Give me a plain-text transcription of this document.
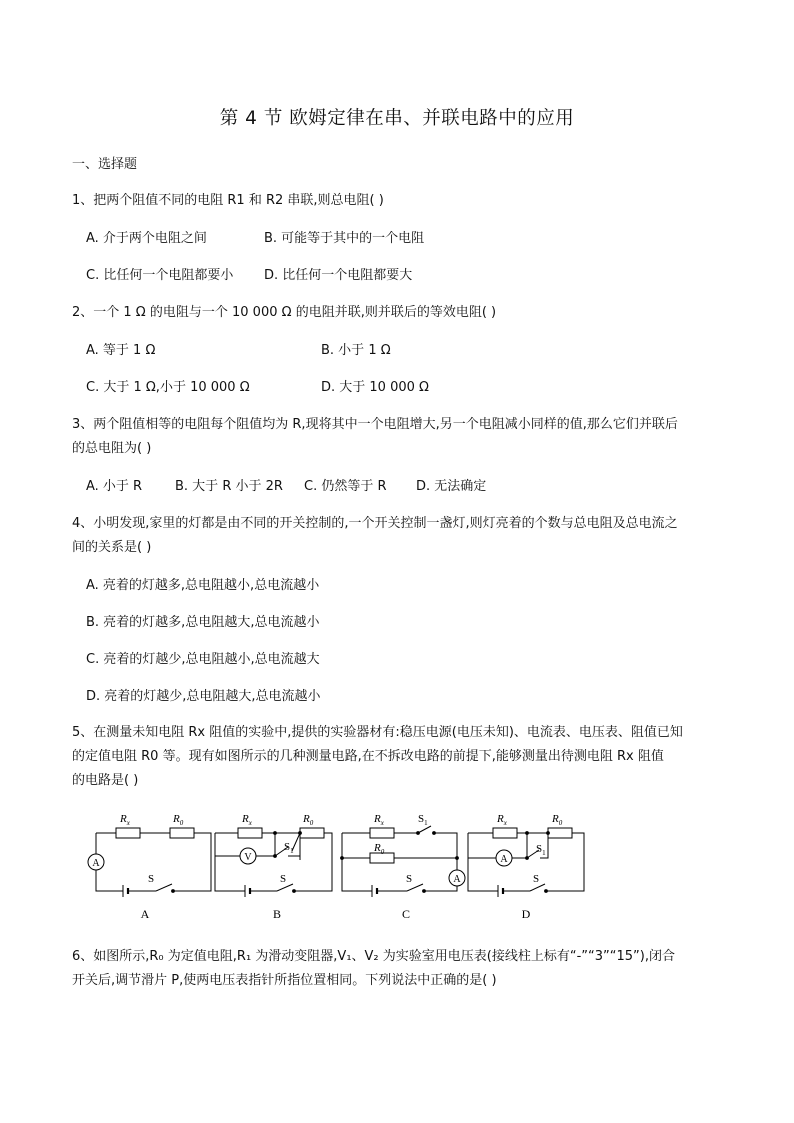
第 4 节 欧姆定律在串、并联电路中的应用
一、选择题
1、把两个阻值不同的电阻 R1 和 R2 串联,则总电阻( )
A. 介于两个电阻之间	B. 可能等于其中的一个电阻
C. 比任何一个电阻都要小 D. 比任何一个电阻都要大
2、一个 1 Ω 的电阻与一个 10 000 Ω 的电阻并联,则并联后的等效电阻( )
A. 等于 1 Ω	B. 小于 1 Ω
C. 大于 1 Ω,小于 10 000 Ω	D. 大于 10 000 Ω
3、两个阻值相等的电阻每个阻值均为 R,现将其中一个电阻增大,另一个电阻减小同样的值,那么它们并联后
的总电阻为( )
A. 小于 R	B. 大于 R 小于 2R C. 仍然等于 R D. 无法确定
4、小明发现,家里的灯都是由不同的开关控制的,一个开关控制一盏灯,则灯亮着的个数与总电阻及总电流之
间的关系是( )
A. 亮着的灯越多,总电阻越小,总电流越小
B. 亮着的灯越多,总电阻越大,总电流越小
C. 亮着的灯越少,总电阻越小,总电流越大
D. 亮着的灯越少,总电阻越大,总电流越小
5、在测量未知电阻 Rx 阻值的实验中,提供的实验器材有:稳压电源(电压未知)、电流表、电压表、阻值已知
的定值电阻 R0 等。现有如图所示的几种测量电路,在不拆改电路的前提下,能够测量出待测电阻 Rx 阻值
的电路是( )
$R_x$	$R_0$
S
$R_x$	$R_0$
$S_1$
S
$R_x$
$R_0$
$S_1$
S
$R_x$	$R_0$
$S_1$
S
A
V
A
A
A	B	C	D
6、如图所示,R₀ 为定值电阻,R₁ 为滑动变阻器,V₁、V₂ 为实验室用电压表(接线柱上标有“-”“3”“15”),闭合
开关后,调节滑片 P,使两电压表指针所指位置相同。下列说法中正确的是( )
